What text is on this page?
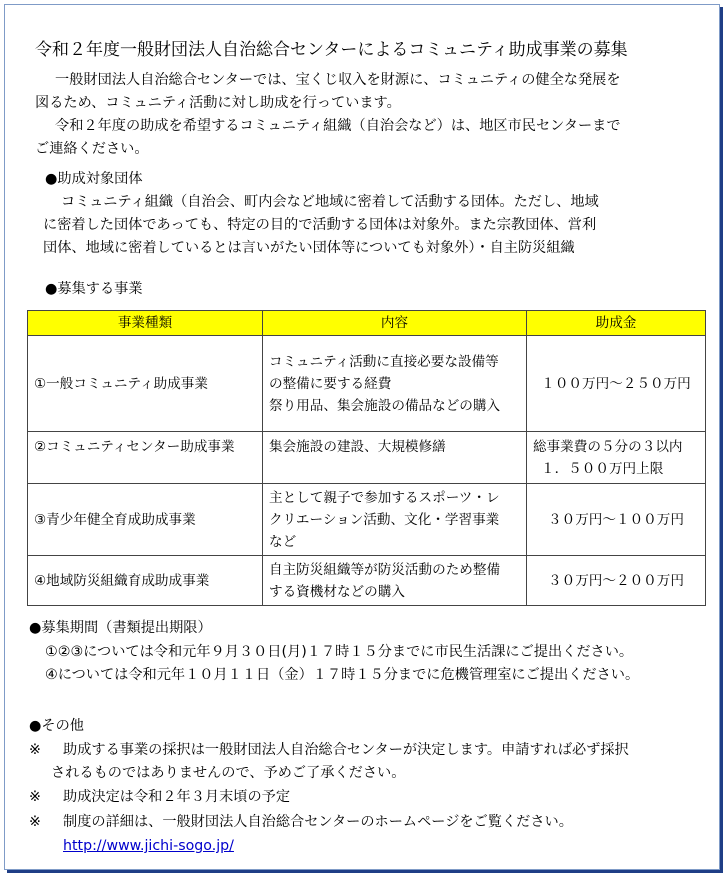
令和２年度一般財団法人自治総合センターによるコミュニティ助成事業の募集
一般財団法人自治総合センターでは、宝くじ収入を財源に、コミュニティの健全な発展を
図るため、コミュニティ活動に対し助成を行っています。
令和２年度の助成を希望するコミュニティ組織（自治会など）は、地区市民センターまで
ご連絡ください。
●助成対象団体
コミュニティ組織（自治会、町内会など地域に密着して活動する団体。ただし、地域
に密着した団体であっても、特定の目的で活動する団体は対象外。また宗教団体、営利
団体、地域に密着しているとは言いがたい団体等についても対象外）・自主防災組織
●募集する事業
事業種類	内容	助成金
①一般コミュニティ助成事業	コミュニティ活動に直接必要な設備等
の整備に要する経費
祭り用品、集会施設の備品などの購入	１００万円～２５０万円
②コミュニティセンター助成事業	集会施設の建設、大規模修繕	総事業費の５分の３以内
１．５００万円上限

③青少年健全育成助成事業	主として親子で参加するスポーツ・レ
クリエーション活動、文化・学習事業
など	３０万円～１００万円
④地域防災組織育成助成事業	自主防災組織等が防災活動のため整備
する資機材などの購入	３０万円～２００万円
●募集期間（書類提出期限）
①②③については令和元年９月３０日(月)１７時１５分までに市民生活課にご提出ください。
④については令和元年１０月１１日（金）１７時１５分までに危機管理室にご提出ください。
●その他
※ 助成する事業の採択は一般財団法人自治総合センターが決定します。申請すれば必ず採択
されるものではありませんので、予めご了承ください。
※ 助成決定は令和２年３月末頃の予定
※ 制度の詳細は、一般財団法人自治総合センターのホームページをご覧ください。
http://www.jichi-sogo.jp/
